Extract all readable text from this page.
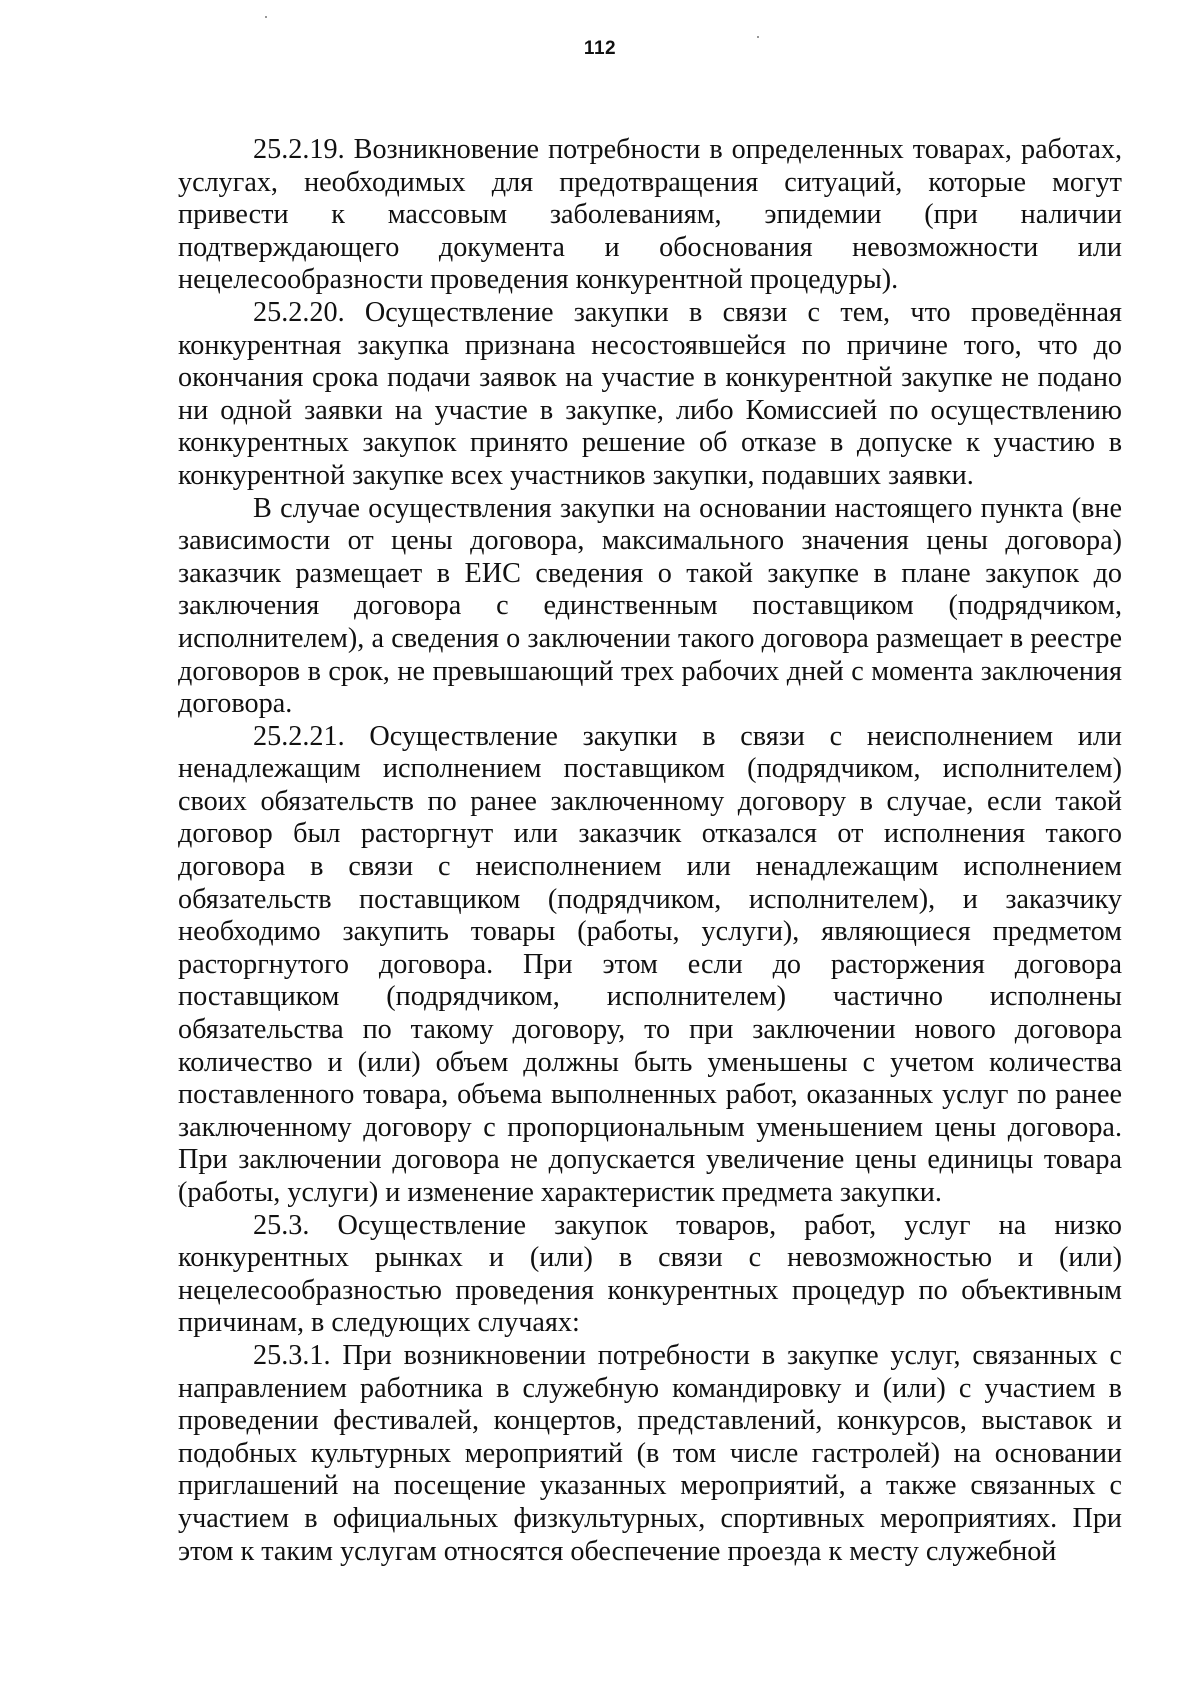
112

25.2.19. Возникновение потребности в определенных товарах, работах, услугах, необходимых для предотвращения ситуаций, которые могут привести к массовым заболеваниям, эпидемии (при наличии подтверждающего документа и обоснования невозможности или нецелесообразности проведения конкурентной процедуры).

25.2.20. Осуществление закупки в связи с тем, что проведённая конкурентная закупка признана несостоявшейся по причине того, что до окончания срока подачи заявок на участие в конкурентной закупке не подано ни одной заявки на участие в закупке, либо Комиссией по осуществлению конкурентных закупок принято решение об отказе в допуске к участию в конкурентной закупке всех участников закупки, подавших заявки.

В случае осуществления закупки на основании настоящего пункта (вне зависимости от цены договора, максимального значения цены договора) заказчик размещает в ЕИС сведения о такой закупке в плане закупок до заключения договора с единственным поставщиком (подрядчиком, исполнителем), а сведения о заключении такого договора размещает в реестре договоров в срок, не превышающий трех рабочих дней с момента заключения договора.

25.2.21. Осуществление закупки в связи с неисполнением или ненадлежащим исполнением поставщиком (подрядчиком, исполнителем) своих обязательств по ранее заключенному договору в случае, если такой договор был расторгнут или заказчик отказался от исполнения такого договора в связи с неисполнением или ненадлежащим исполнением обязательств поставщиком (подрядчиком, исполнителем), и заказчику необходимо закупить товары (работы, услуги), являющиеся предметом расторгнутого договора. При этом если до расторжения договора поставщиком (подрядчиком, исполнителем) частично исполнены обязательства по такому договору, то при заключении нового договора количество и (или) объем должны быть уменьшены с учетом количества поставленного товара, объема выполненных работ, оказанных услуг по ранее заключенному договору с пропорциональным уменьшением цены договора. При заключении договора не допускается увеличение цены единицы товара (работы, услуги) и изменение характеристик предмета закупки.

25.3. Осуществление закупок товаров, работ, услуг на низко конкурентных рынках и (или) в связи с невозможностью и (или) нецелесообразностью проведения конкурентных процедур по объективным причинам, в следующих случаях:

25.3.1. При возникновении потребности в закупке услуг, связанных с направлением работника в служебную командировку и (или) с участием в проведении фестивалей, концертов, представлений, конкурсов, выставок и подобных культурных мероприятий (в том числе гастролей) на основании приглашений на посещение указанных мероприятий, а также связанных с участием в официальных физкультурных, спортивных мероприятиях. При этом к таким услугам относятся обеспечение проезда к месту служебной
